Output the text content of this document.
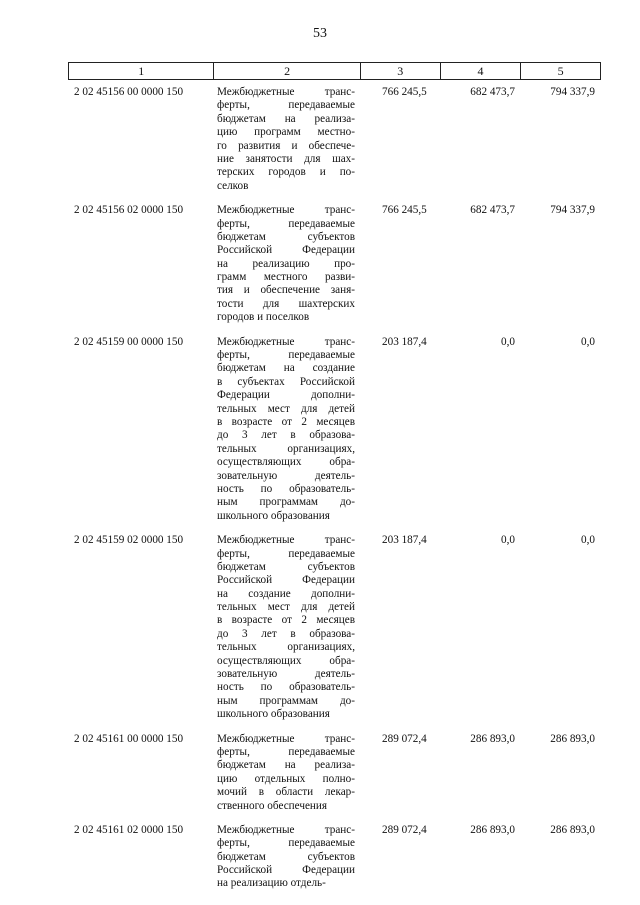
53
1	2	3	4	5
2 02 45156 00 0000 150	Межбюджетные транс-
ферты, передаваемые
бюджетам на реализа-
цию программ местно-
го развития и обеспече-
ние занятости для шах-
терских городов и по-
селков
766 245,5	682 473,7	794 337,9
2 02 45156 02 0000 150	Межбюджетные транс-
ферты, передаваемые
бюджетам субъектов
Российской Федерации
на реализацию про-
грамм местного разви-
тия и обеспечение заня-
тости для шахтерских
городов и поселков
766 245,5	682 473,7	794 337,9
2 02 45159 00 0000 150	Межбюджетные транс-
ферты, передаваемые
бюджетам на создание
в субъектах Российской
Федерации дополни-
тельных мест для детей
в возрасте от 2 месяцев
до 3 лет в образова-
тельных организациях,
осуществляющих обра-
зовательную деятель-
ность по образователь-
ным программам до-
школьного образования
203 187,4	0,0	0,0
2 02 45159 02 0000 150	Межбюджетные транс-
ферты, передаваемые
бюджетам субъектов
Российской Федерации
на создание дополни-
тельных мест для детей
в возрасте от 2 месяцев
до 3 лет в образова-
тельных организациях,
осуществляющих обра-
зовательную деятель-
ность по образователь-
ным программам до-
школьного образования
203 187,4	0,0	0,0
2 02 45161 00 0000 150	Межбюджетные транс-
ферты, передаваемые
бюджетам на реализа-
цию отдельных полно-
мочий в области лекар-
ственного обеспечения
289 072,4	286 893,0	286 893,0
2 02 45161 02 0000 150	Межбюджетные транс-
ферты, передаваемые
бюджетам субъектов
Российской Федерации
на реализацию отдель-
289 072,4	286 893,0	286 893,0
